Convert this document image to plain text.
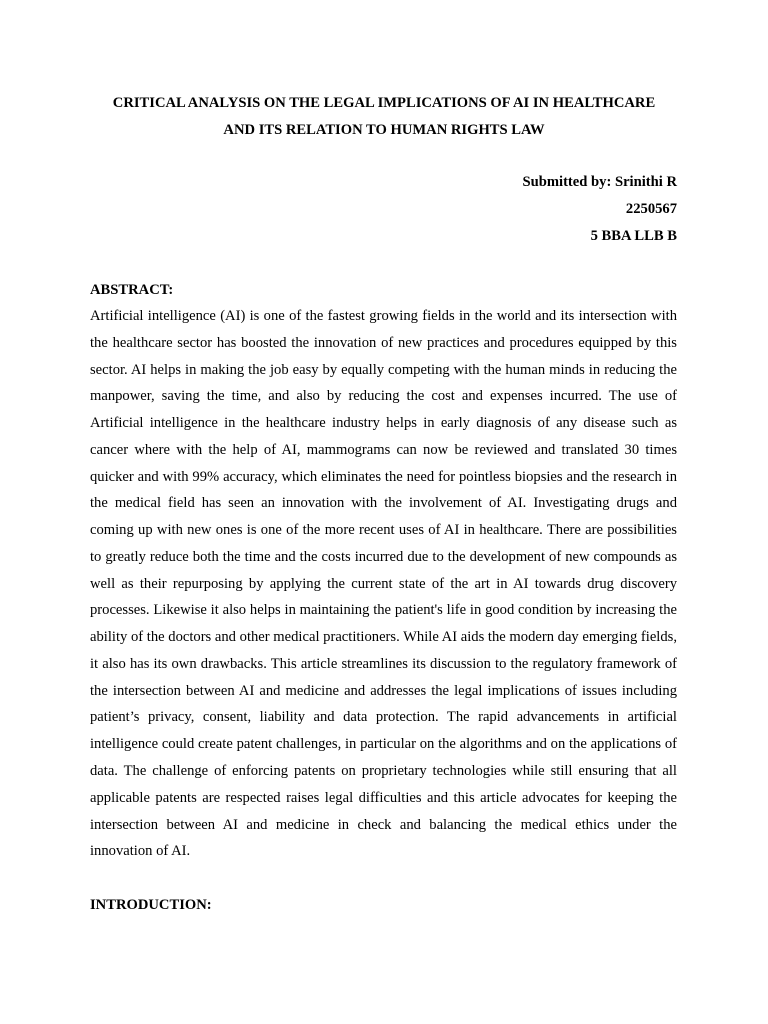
CRITICAL ANALYSIS ON THE LEGAL IMPLICATIONS OF AI IN HEALTHCARE
AND ITS RELATION TO HUMAN RIGHTS LAW
Submitted by: Srinithi R
2250567
5 BBA LLB B
ABSTRACT:

Artificial intelligence (AI) is one of the fastest growing fields in the world and its intersection with the healthcare sector has boosted the innovation of new practices and procedures equipped by this sector. AI helps in making the job easy by equally competing with the human minds in reducing the manpower, saving the time, and also by reducing the cost and expenses incurred. The use of Artificial intelligence in the healthcare industry helps in early diagnosis of any disease such as cancer where with the help of AI, mammograms can now be reviewed and translated 30 times quicker and with 99% accuracy, which eliminates the need for pointless biopsies and the research in the medical field has seen an innovation with the involvement of AI. Investigating drugs and coming up with new ones is one of the more recent uses of AI in healthcare. There are possibilities to greatly reduce both the time and the costs incurred due to the development of new compounds as well as their repurposing by applying the current state of the art in AI towards drug discovery processes. Likewise it also helps in maintaining the patient's life in good condition by increasing the ability of the doctors and other medical practitioners. While AI aids the modern day emerging fields, it also has its own drawbacks. This article streamlines its discussion to the regulatory framework of the intersection between AI and medicine and addresses the legal implications of issues including patient’s privacy, consent, liability and data protection. The rapid advancements in artificial intelligence could create patent challenges, in particular on the algorithms and on the applications of data. The challenge of enforcing patents on proprietary technologies while still ensuring that all applicable patents are respected raises legal difficulties and this article advocates for keeping the intersection between AI and medicine in check and balancing the medical ethics under the innovation of AI.

INTRODUCTION:
